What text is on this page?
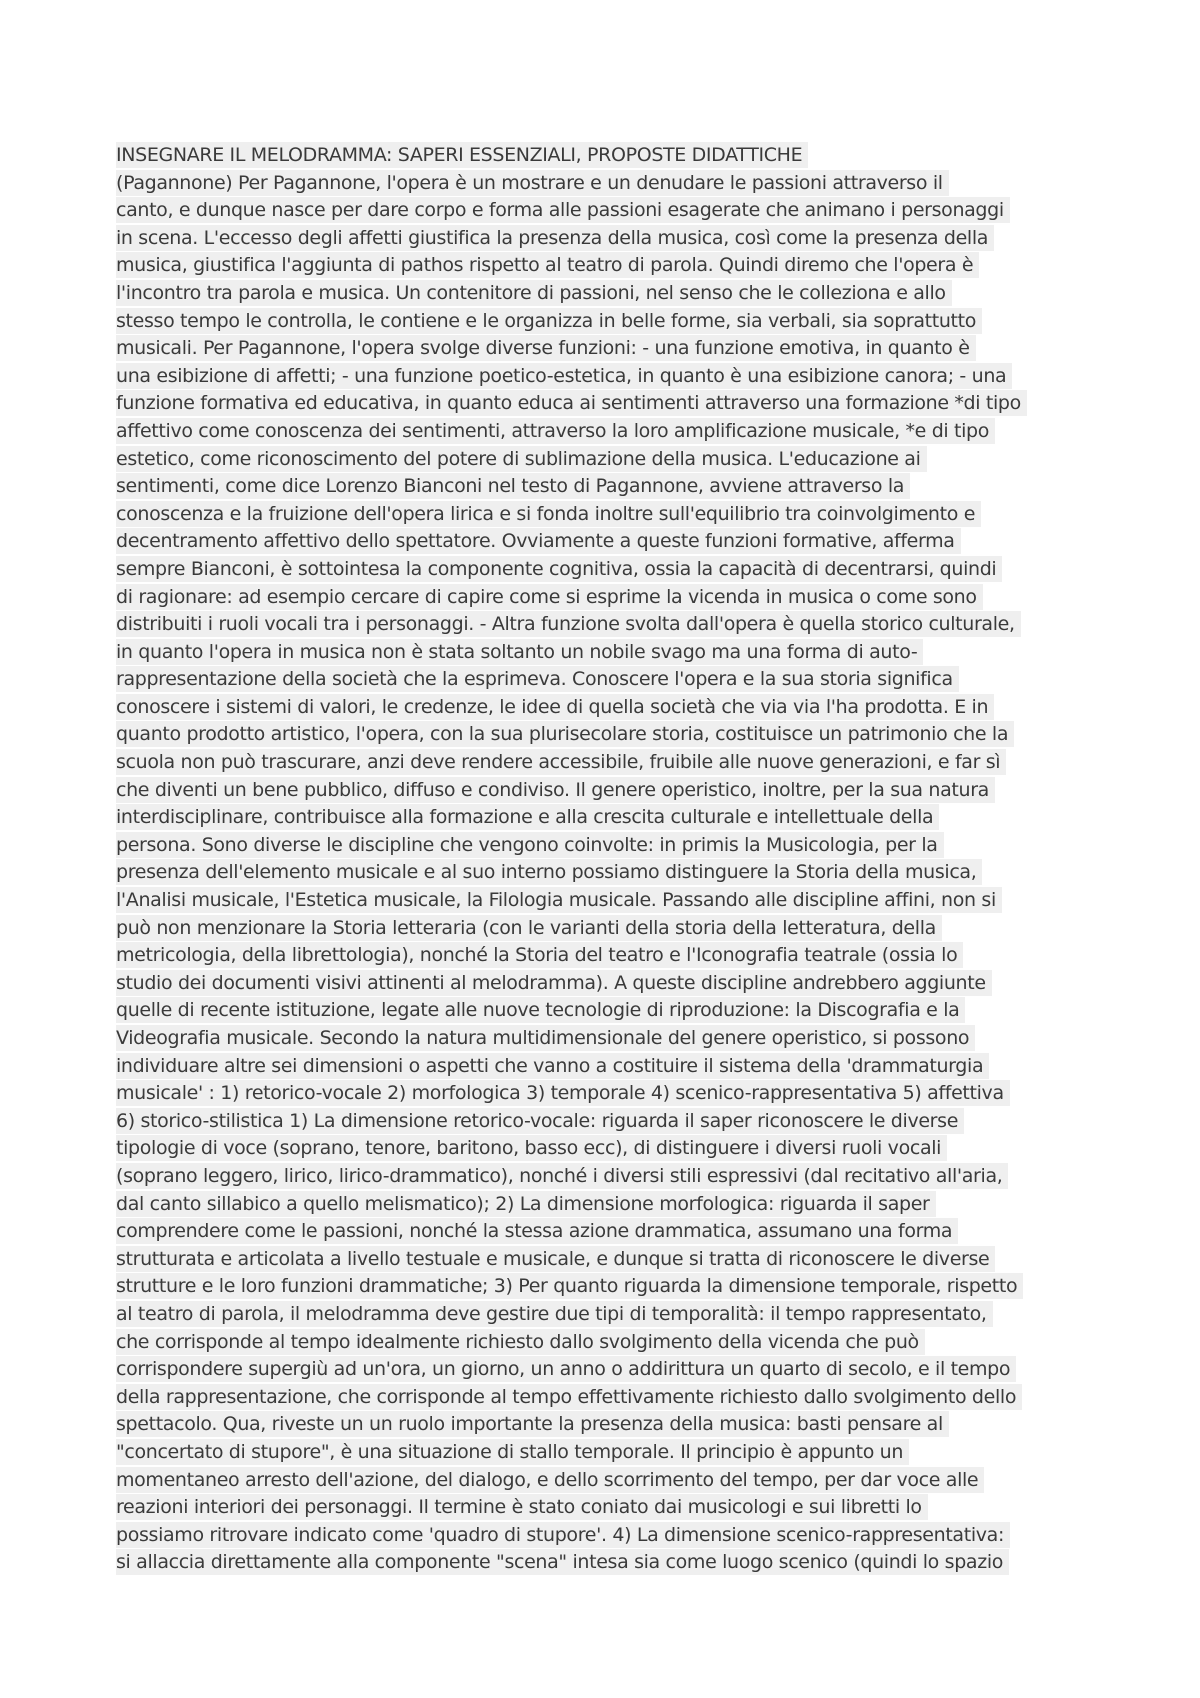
INSEGNARE IL MELODRAMMA: SAPERI ESSENZIALI, PROPOSTE DIDATTICHE
(Pagannone) Per Pagannone, l'opera è un mostrare e un denudare le passioni attraverso il
canto, e dunque nasce per dare corpo e forma alle passioni esagerate che animano i personaggi
in scena. L'eccesso degli affetti giustifica la presenza della musica, così come la presenza della
musica, giustifica l'aggiunta di pathos rispetto al teatro di parola. Quindi diremo che l'opera è
l'incontro tra parola e musica. Un contenitore di passioni, nel senso che le colleziona e allo
stesso tempo le controlla, le contiene e le organizza in belle forme, sia verbali, sia soprattutto
musicali. Per Pagannone, l'opera svolge diverse funzioni: - una funzione emotiva, in quanto è
una esibizione di affetti; - una funzione poetico-estetica, in quanto è una esibizione canora; - una
funzione formativa ed educativa, in quanto educa ai sentimenti attraverso una formazione *di tipo
affettivo come conoscenza dei sentimenti, attraverso la loro amplificazione musicale, *e di tipo
estetico, come riconoscimento del potere di sublimazione della musica. L'educazione ai
sentimenti, come dice Lorenzo Bianconi nel testo di Pagannone, avviene attraverso la
conoscenza e la fruizione dell'opera lirica e si fonda inoltre sull'equilibrio tra coinvolgimento e
decentramento affettivo dello spettatore. Ovviamente a queste funzioni formative, afferma
sempre Bianconi, è sottointesa la componente cognitiva, ossia la capacità di decentrarsi, quindi
di ragionare: ad esempio cercare di capire come si esprime la vicenda in musica o come sono
distribuiti i ruoli vocali tra i personaggi. - Altra funzione svolta dall'opera è quella storico culturale,
in quanto l'opera in musica non è stata soltanto un nobile svago ma una forma di auto-
rappresentazione della società che la esprimeva. Conoscere l'opera e la sua storia significa
conoscere i sistemi di valori, le credenze, le idee di quella società che via via l'ha prodotta. E in
quanto prodotto artistico, l'opera, con la sua plurisecolare storia, costituisce un patrimonio che la
scuola non può trascurare, anzi deve rendere accessibile, fruibile alle nuove generazioni, e far sì
che diventi un bene pubblico, diffuso e condiviso. Il genere operistico, inoltre, per la sua natura
interdisciplinare, contribuisce alla formazione e alla crescita culturale e intellettuale della
persona. Sono diverse le discipline che vengono coinvolte: in primis la Musicologia, per la
presenza dell'elemento musicale e al suo interno possiamo distinguere la Storia della musica,
l'Analisi musicale, l'Estetica musicale, la Filologia musicale. Passando alle discipline affini, non si
può non menzionare la Storia letteraria (con le varianti della storia della letteratura, della
metricologia, della librettologia), nonché la Storia del teatro e l'Iconografia teatrale (ossia lo
studio dei documenti visivi attinenti al melodramma). A queste discipline andrebbero aggiunte
quelle di recente istituzione, legate alle nuove tecnologie di riproduzione: la Discografia e la
Videografia musicale. Secondo la natura multidimensionale del genere operistico, si possono
individuare altre sei dimensioni o aspetti che vanno a costituire il sistema della 'drammaturgia
musicale' : 1) retorico-vocale 2) morfologica 3) temporale 4) scenico-rappresentativa 5) affettiva
6) storico-stilistica 1) La dimensione retorico-vocale: riguarda il saper riconoscere le diverse
tipologie di voce (soprano, tenore, baritono, basso ecc), di distinguere i diversi ruoli vocali
(soprano leggero, lirico, lirico-drammatico), nonché i diversi stili espressivi (dal recitativo all'aria,
dal canto sillabico a quello melismatico); 2) La dimensione morfologica: riguarda il saper
comprendere come le passioni, nonché la stessa azione drammatica, assumano una forma
strutturata e articolata a livello testuale e musicale, e dunque si tratta di riconoscere le diverse
strutture e le loro funzioni drammatiche; 3) Per quanto riguarda la dimensione temporale, rispetto
al teatro di parola, il melodramma deve gestire due tipi di temporalità: il tempo rappresentato,
che corrisponde al tempo idealmente richiesto dallo svolgimento della vicenda che può
corrispondere supergiù ad un'ora, un giorno, un anno o addirittura un quarto di secolo, e il tempo
della rappresentazione, che corrisponde al tempo effettivamente richiesto dallo svolgimento dello
spettacolo. Qua, riveste un un ruolo importante la presenza della musica: basti pensare al
"concertato di stupore", è una situazione di stallo temporale. Il principio è appunto un
momentaneo arresto dell'azione, del dialogo, e dello scorrimento del tempo, per dar voce alle
reazioni interiori dei personaggi. Il termine è stato coniato dai musicologi e sui libretti lo
possiamo ritrovare indicato come 'quadro di stupore'. 4) La dimensione scenico-rappresentativa:
si allaccia direttamente alla componente "scena" intesa sia come luogo scenico (quindi lo spazio
